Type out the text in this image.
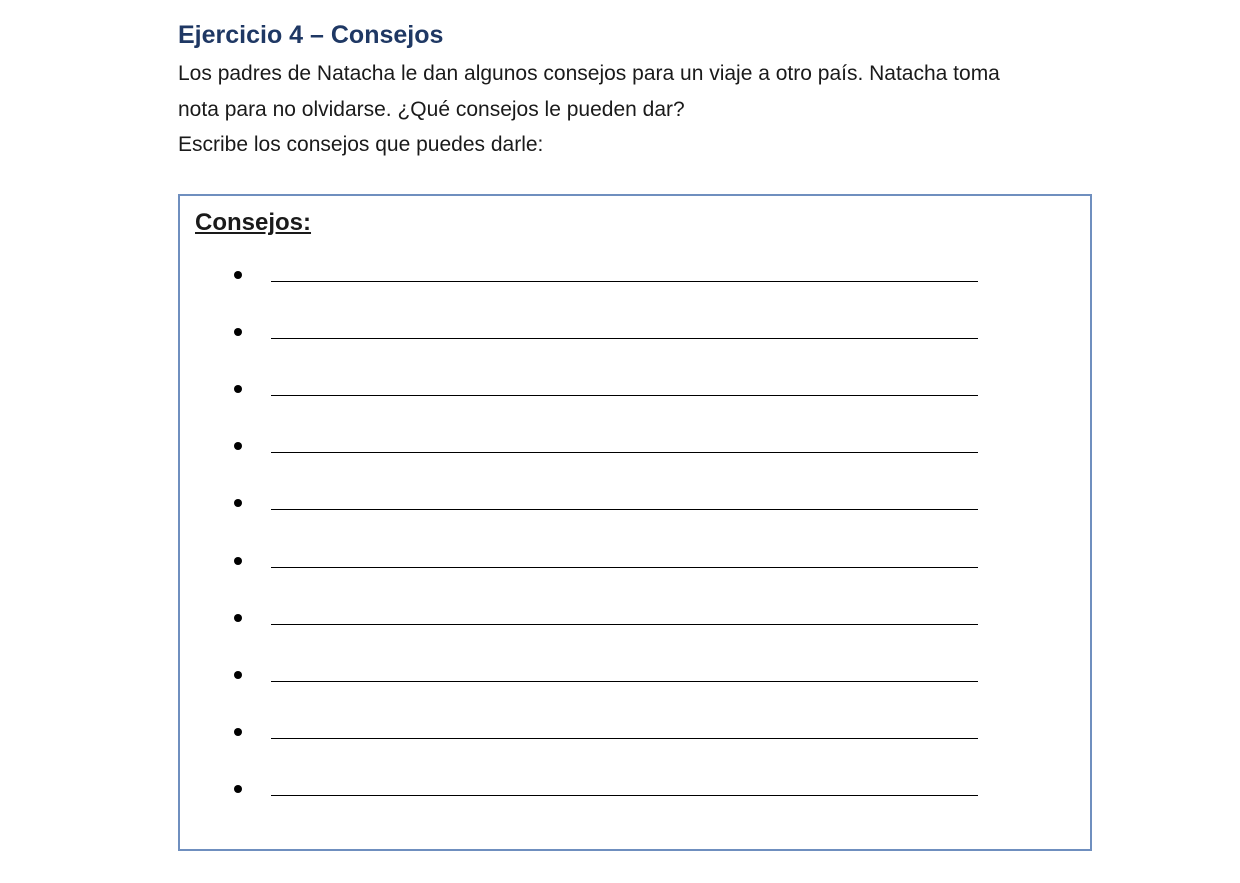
Ejercicio 4 – Consejos

Los padres de Natacha le dan algunos consejos para un viaje a otro país. Natacha toma

nota para no olvidarse. ¿Qué consejos le pueden dar?

Escribe los consejos que puedes darle:

Consejos:
